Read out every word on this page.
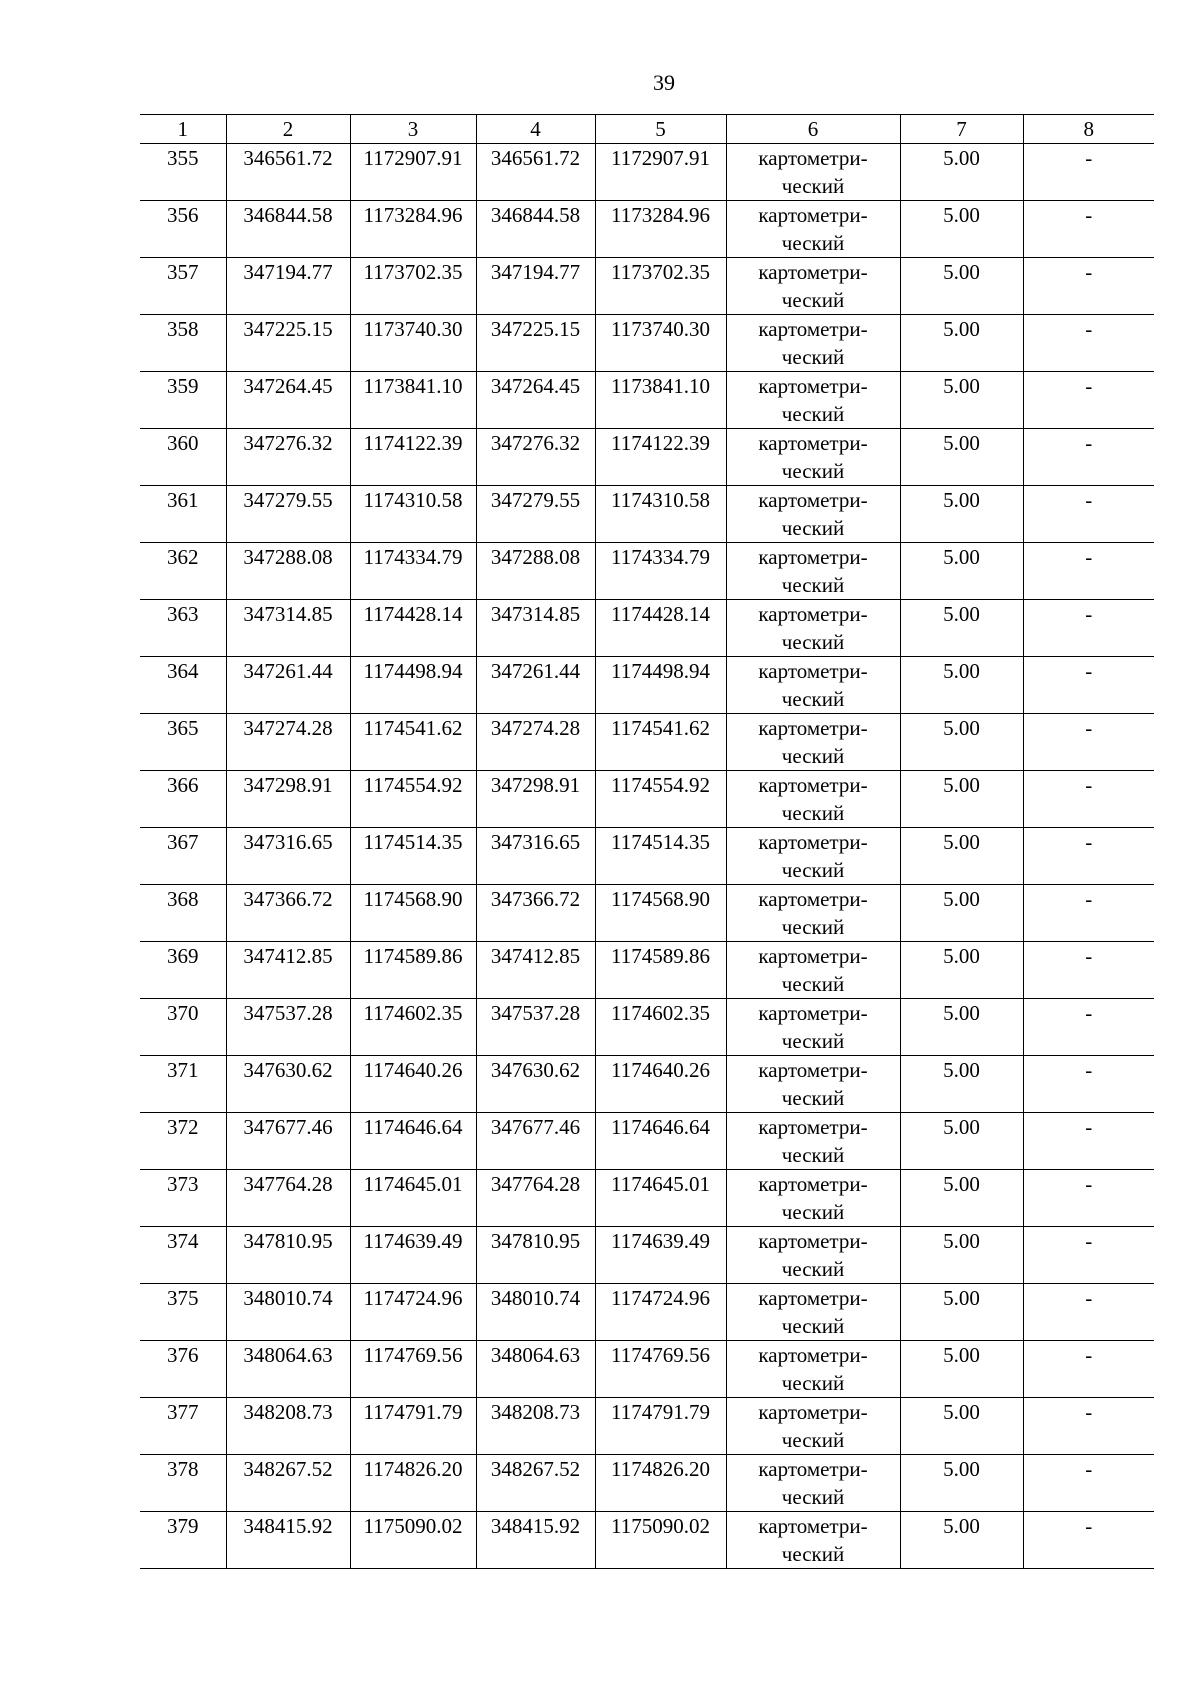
39
1	2	3	4	5	6	7	8
355	346561.72	1172907.91	346561.72	1172907.91	картометри-
ческий	5.00	-
356	346844.58	1173284.96	346844.58	1173284.96	картометри-
ческий	5.00	-
357	347194.77	1173702.35	347194.77	1173702.35	картометри-
ческий	5.00	-
358	347225.15	1173740.30	347225.15	1173740.30	картометри-
ческий	5.00	-
359	347264.45	1173841.10	347264.45	1173841.10	картометри-
ческий	5.00	-
360	347276.32	1174122.39	347276.32	1174122.39	картометри-
ческий	5.00	-
361	347279.55	1174310.58	347279.55	1174310.58	картометри-
ческий	5.00	-
362	347288.08	1174334.79	347288.08	1174334.79	картометри-
ческий	5.00	-
363	347314.85	1174428.14	347314.85	1174428.14	картометри-
ческий	5.00	-
364	347261.44	1174498.94	347261.44	1174498.94	картометри-
ческий	5.00	-
365	347274.28	1174541.62	347274.28	1174541.62	картометри-
ческий	5.00	-
366	347298.91	1174554.92	347298.91	1174554.92	картометри-
ческий	5.00	-
367	347316.65	1174514.35	347316.65	1174514.35	картометри-
ческий	5.00	-
368	347366.72	1174568.90	347366.72	1174568.90	картометри-
ческий	5.00	-
369	347412.85	1174589.86	347412.85	1174589.86	картометри-
ческий	5.00	-
370	347537.28	1174602.35	347537.28	1174602.35	картометри-
ческий	5.00	-
371	347630.62	1174640.26	347630.62	1174640.26	картометри-
ческий	5.00	-
372	347677.46	1174646.64	347677.46	1174646.64	картометри-
ческий	5.00	-
373	347764.28	1174645.01	347764.28	1174645.01	картометри-
ческий	5.00	-
374	347810.95	1174639.49	347810.95	1174639.49	картометри-
ческий	5.00	-
375	348010.74	1174724.96	348010.74	1174724.96	картометри-
ческий	5.00	-
376	348064.63	1174769.56	348064.63	1174769.56	картометри-
ческий	5.00	-
377	348208.73	1174791.79	348208.73	1174791.79	картометри-
ческий	5.00	-
378	348267.52	1174826.20	348267.52	1174826.20	картометри-
ческий	5.00	-
379	348415.92	1175090.02	348415.92	1175090.02	картометри-
ческий	5.00	-
